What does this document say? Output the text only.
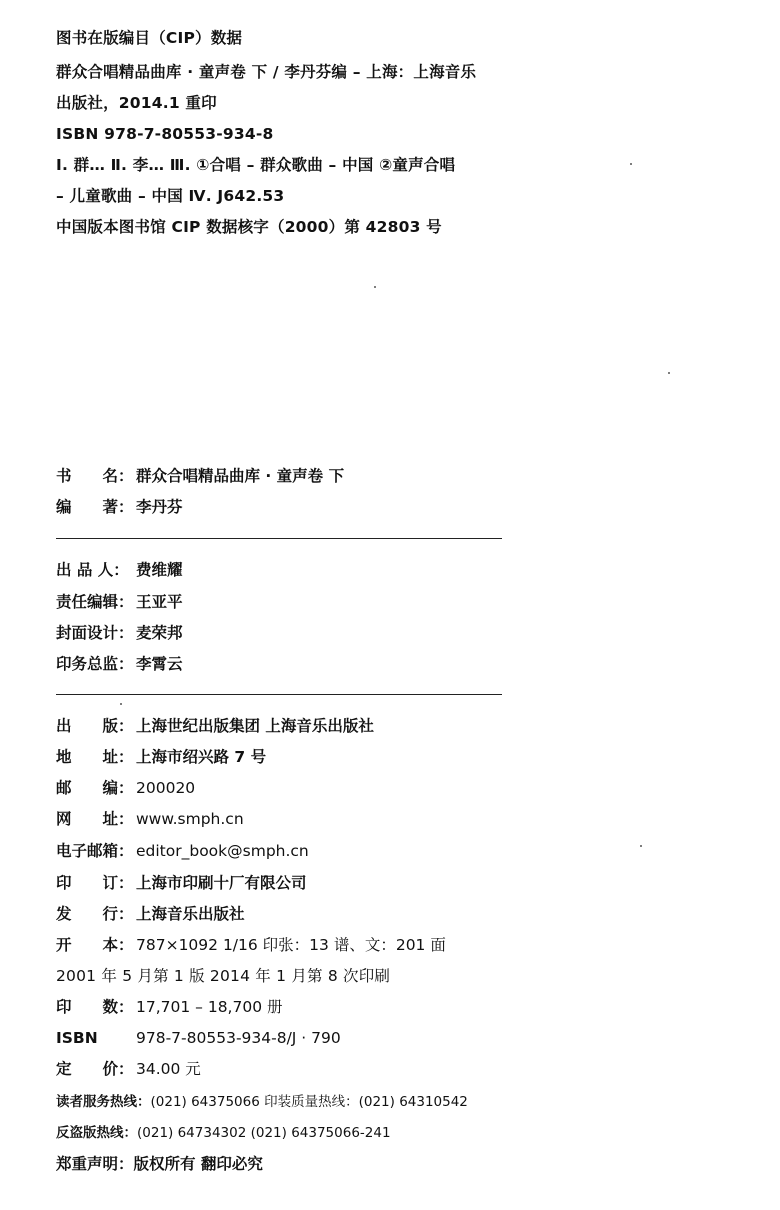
图书在版编目（CIP）数据
群众合唱精品曲库 · 童声卷 下 / 李丹芬编 – 上海：上海音乐
出版社，2014.1 重印
ISBN 978-7-80553-934-8
Ⅰ. 群… Ⅱ. 李… Ⅲ. ①合唱 – 群众歌曲 – 中国 ②童声合唱
– 儿童歌曲 – 中国 Ⅳ. J642.53
中国版本图书馆 CIP 数据核字（2000）第 42803 号
书　　名： 群众合唱精品曲库 · 童声卷 下
编　　著： 李丹芬
出 品 人： 费维耀
责任编辑： 王亚平
封面设计： 麦荣邦
印务总监： 李霄云
出　　版： 上海世纪出版集团 上海音乐出版社
地　　址： 上海市绍兴路 7 号
邮　　编： 200020
网　　址： www.smph.cn
电子邮箱： editor_book@smph.cn
印　　订： 上海市印刷十厂有限公司
发　　行： 上海音乐出版社
开　　本： 787×1092 1/16 印张：13 谱、文：201 面
2001 年 5 月第 1 版 2014 年 1 月第 8 次印刷
印　　数： 17,701 – 18,700 册
ISBN 978-7-80553-934-8/J · 790
定　　价： 34.00 元
读者服务热线：(021) 64375066 印装质量热线：(021) 64310542
反盗版热线：(021) 64734302 (021) 64375066-241
郑重声明：版权所有 翻印必究
